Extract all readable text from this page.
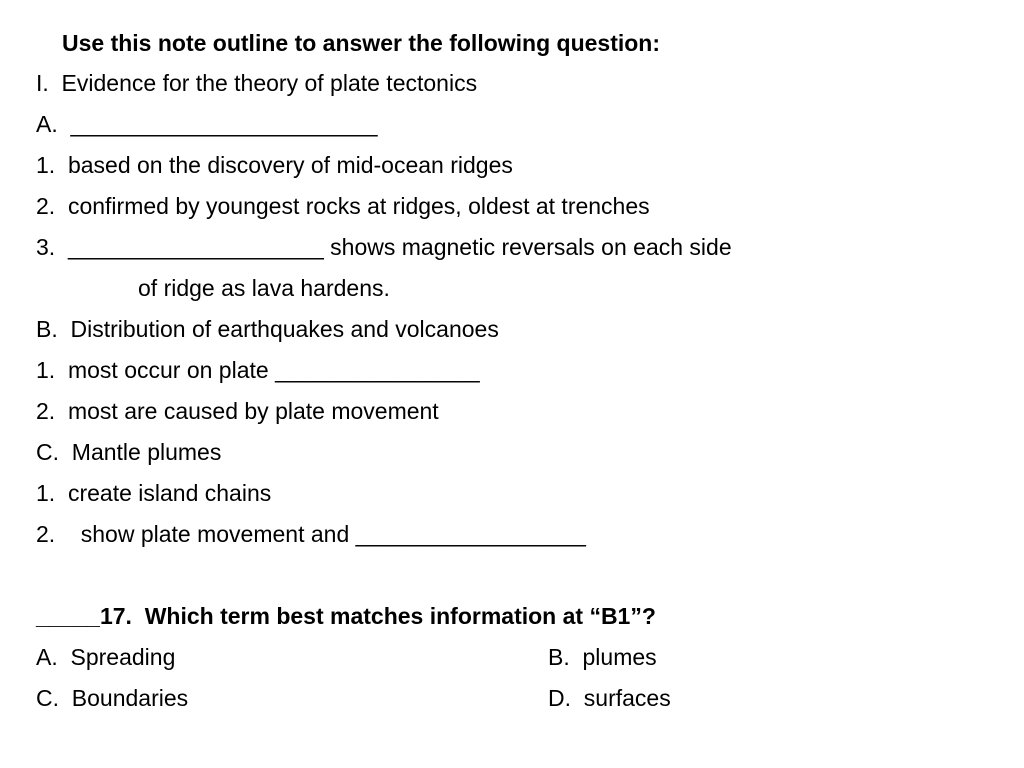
Use this note outline to answer the following question:
I.  Evidence for the theory of plate tectonics
A.  ________________________
1.  based on the discovery of mid-ocean ridges
2.  confirmed by youngest rocks at ridges, oldest at trenches
3.  ____________________ shows magnetic reversals on each side
of ridge as lava hardens.
B.  Distribution of earthquakes and volcanoes
1.  most occur on plate ________________
2.  most are caused by plate movement
C.  Mantle plumes
1.  create island chains
2.    show plate movement and __________________
_____17.  Which term best matches information at “B1”?
A.  Spreading	B.  plumes
C.  Boundaries	D.  surfaces
